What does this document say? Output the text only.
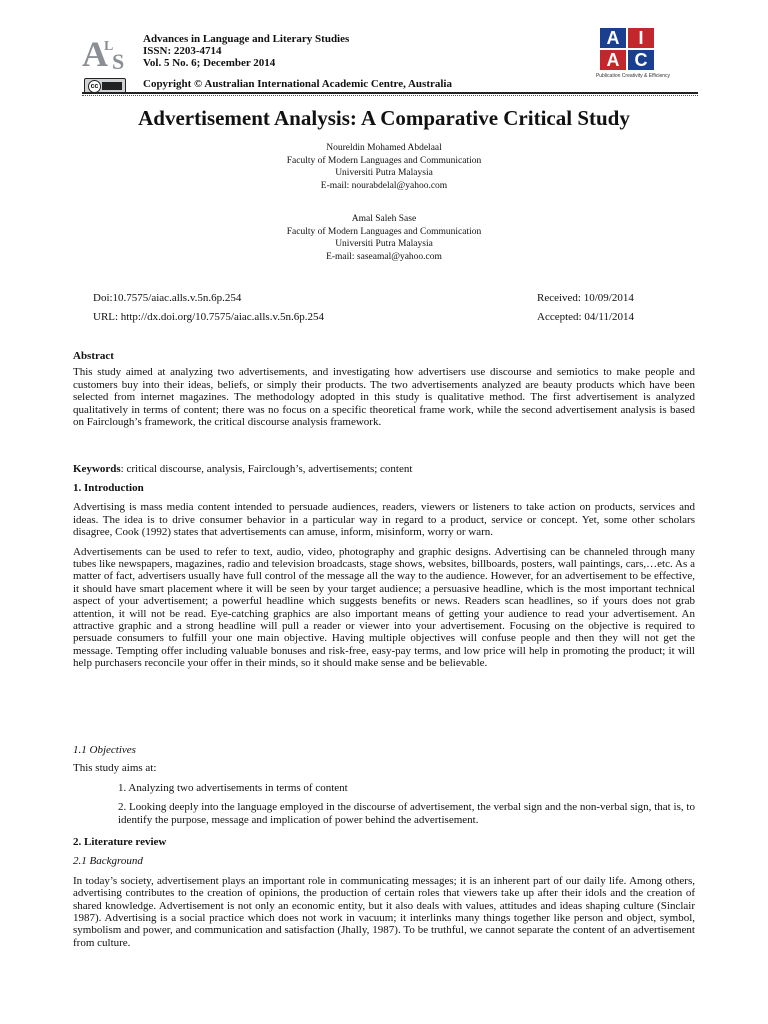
A
L
S
cc
Advances in Language and Literary Studies
ISSN: 2203-4714
Vol. 5 No. 6; December 2014
Copyright © Australian International Academic Centre, Australia
A	I
A C
Publication Creativity & Efficiency
Advertisement Analysis: A Comparative Critical Study
Noureldin Mohamed Abdelaal
Faculty of Modern Languages and Communication
Universiti Putra Malaysia
E-mail: nourabdelal@yahoo.com
Amal Saleh Sase
Faculty of Modern Languages and Communication
Universiti Putra Malaysia
E-mail: saseamal@yahoo.com
Doi:10.7575/aiac.alls.v.5n.6p.254
URL: http://dx.doi.org/10.7575/aiac.alls.v.5n.6p.254
Received: 10/09/2014
Accepted: 04/11/2014

Abstract

This study aimed at analyzing two advertisements, and investigating how advertisers use discourse and semiotics to make people and customers buy into their ideas, beliefs, or simply their products. The two advertisements analyzed are beauty products which have been selected from internet magazines. The methodology adopted in this study is qualitative method. The first advertisement is analyzed qualitatively in terms of content; there was no focus on a specific theoretical frame work, while the second advertisement analysis is based on Fairclough’s framework, the critical discourse analysis framework.

Keywords: critical discourse, analysis, Fairclough’s, advertisements; content

1. Introduction

Advertising is mass media content intended to persuade audiences, readers, viewers or listeners to take action on products, services and ideas. The idea is to drive consumer behavior in a particular way in regard to a product, service or concept. Yet, some other scholars disagree, Cook (1992) states that advertisements can amuse, inform, misinform, worry or warn.

Advertisements can be used to refer to text, audio, video, photography and graphic designs. Advertising can be channeled through many tubes like newspapers, magazines, radio and television broadcasts, stage shows, websites, billboards, posters, wall paintings, cars,…etc. As a matter of fact, advertisers usually have full control of the message all the way to the audience. However, for an advertisement to be effective, it should have smart placement where it will be seen by your target audience; a persuasive headline, which is the most important technical aspect of your advertisement; a powerful headline which suggests benefits or news. Readers scan headlines, so if yours does not grab attention, it will not be read. Eye-catching graphics are also important means of getting your audience to read your advertisement. An attractive graphic and a strong headline will pull a reader or viewer into your advertisement. Focusing on the objective is required to persuade consumers to fulfill your one main objective. Having multiple objectives will confuse people and then they will not get the message. Tempting offer including valuable bonuses and risk-free, easy-pay terms, and low price will help in promoting the product; it will help purchasers reconcile your offer in their minds, so it should make sense and be believable.

1.1 Objectives

This study aims at:

1. Analyzing two advertisements in terms of content

2. Looking deeply into the language employed in the discourse of advertisement, the verbal sign and the non-verbal sign, that is, to identify the purpose, message and implication of power behind the advertisement.

2. Literature review

2.1 Background

In today’s society, advertisement plays an important role in communicating messages; it is an inherent part of our daily life. Among others, advertising contributes to the creation of opinions, the production of certain roles that viewers take up after their idols and the creation of shared knowledge. Advertisement is not only an economic entity, but it also deals with values, attitudes and ideas shaping culture (Sinclair 1987). Advertising is a social practice which does not work in vacuum; it interlinks many things together like person and object, symbol, symbolism and power, and communication and satisfaction (Jhally, 1987). To be truthful, we cannot separate the content of an advertisement from culture.
